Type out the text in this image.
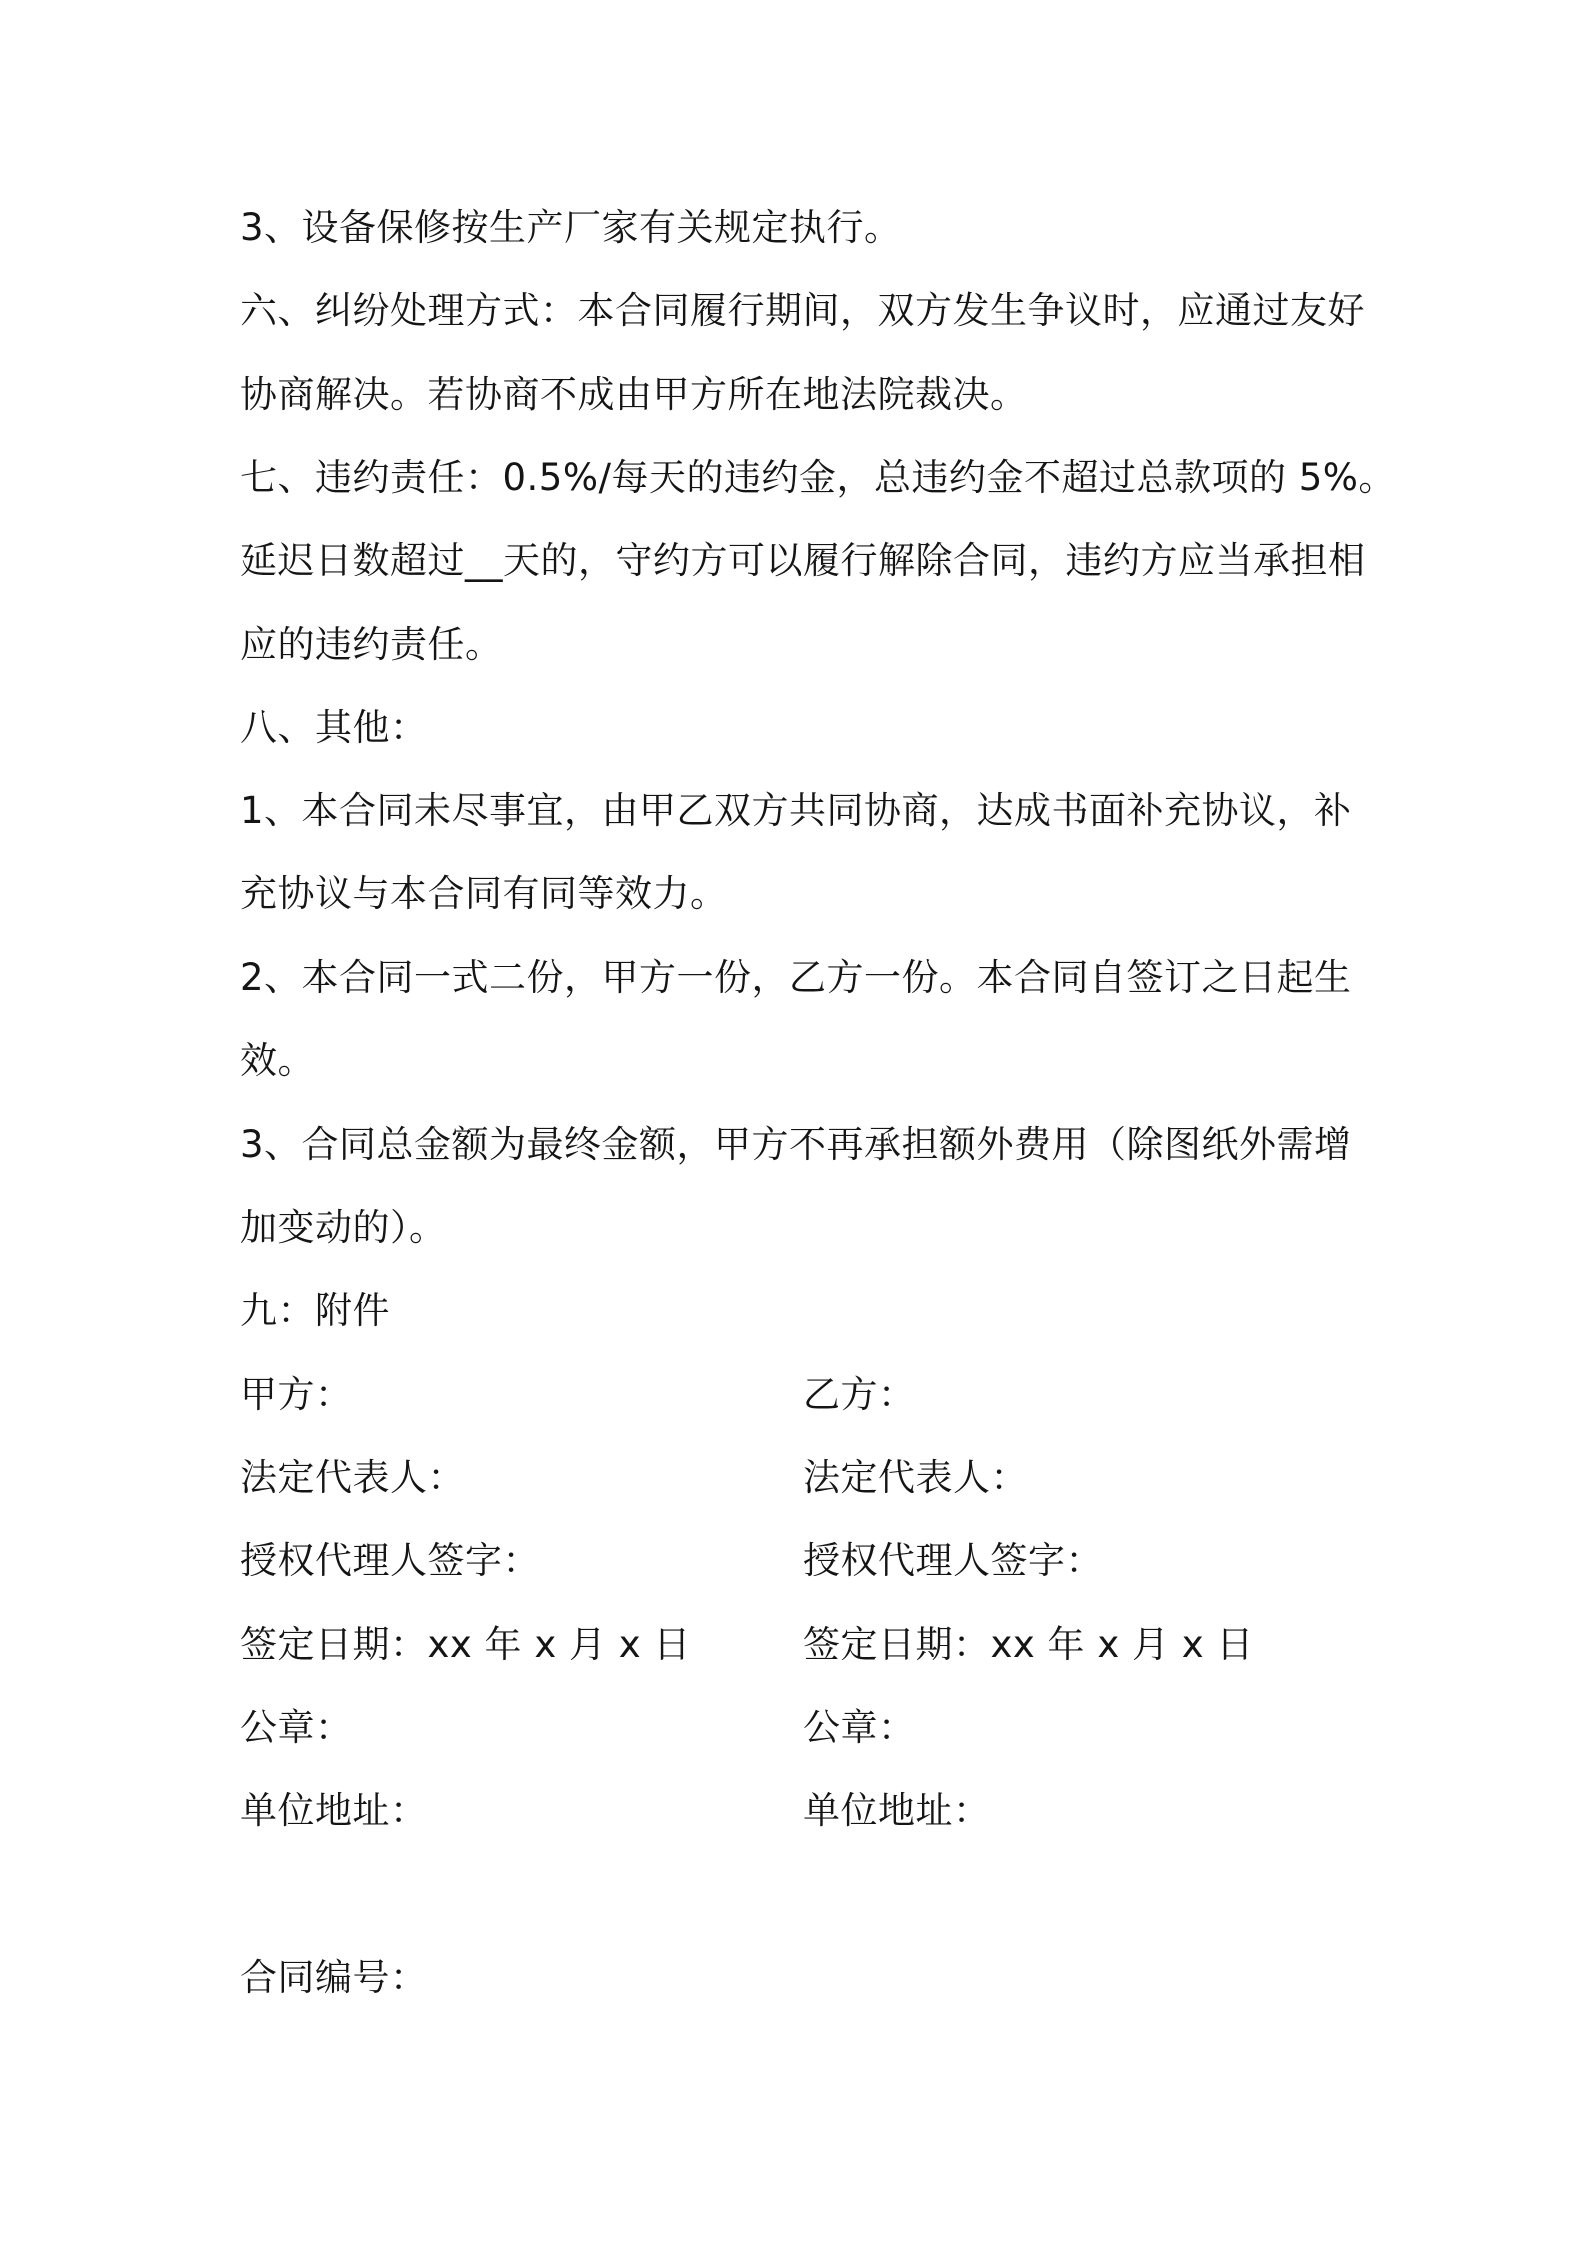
3、设备保修按生产厂家有关规定执行。
六、纠纷处理方式：本合同履行期间，双方发生争议时，应通过友好
协商解决。若协商不成由甲方所在地法院裁决。
七、违约责任：0.5%/每天的违约金，总违约金不超过总款项的 5%。
延迟日数超过__天的，守约方可以履行解除合同，违约方应当承担相
应的违约责任。
八、其他：
1、本合同未尽事宜，由甲乙双方共同协商，达成书面补充协议，补
充协议与本合同有同等效力。
2、本合同一式二份，甲方一份，乙方一份。本合同自签订之日起生
效。
3、合同总金额为最终金额，甲方不再承担额外费用（除图纸外需增
加变动的）。
九：附件
甲方：
法定代表人：
授权代理人签字：
签定日期：xx 年 x 月 x 日
公章：
单位地址：
乙方：
法定代表人：
授权代理人签字：
签定日期：xx 年 x 月 x 日
公章：
单位地址：
合同编号：
